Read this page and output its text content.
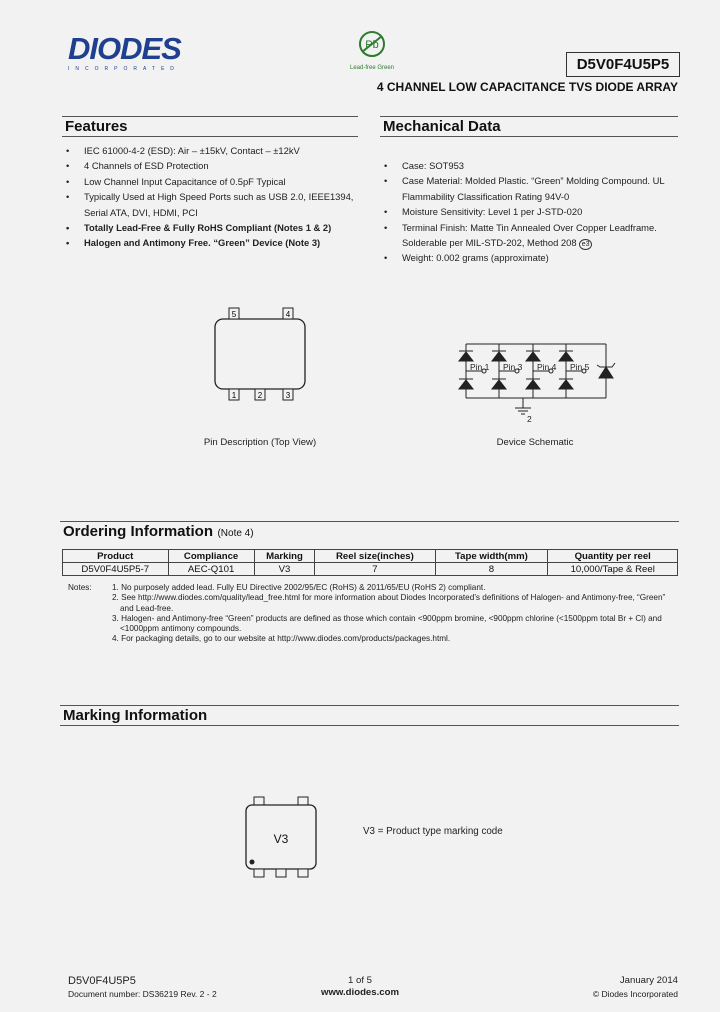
DIODES
INCORPORATED
Pb
Lead-free Green	D5V0F4U5P5
4 CHANNEL LOW CAPACITANCE TVS DIODE ARRAY
Features
• IEC 61000-4-2 (ESD): Air – ±15kV, Contact – ±12kV
• 4 Channels of ESD Protection
• Low Channel Input Capacitance of 0.5pF Typical
• Typically Used at High Speed Ports such as USB 2.0, IEEE1394, Serial ATA, DVI, HDMI, PCI
• Totally Lead-Free & Fully RoHS Compliant (Notes 1 & 2)
• Halogen and Antimony Free. “Green” Device (Note 3)
Mechanical Data
• Case: SOT953
• Case Material: Molded Plastic. “Green” Molding Compound. UL Flammability Classification Rating 94V-0
• Moisture Sensitivity: Level 1 per J-STD-020
• Terminal Finish: Matte Tin Annealed Over Copper Leadframe. Solderable per MIL-STD-202, Method 208 e3
• Weight: 0.002 grams (approximate)
5	4
1	2	3
Pin Description (Top View)
Pin 1 Pin 3 Pin 4 Pin 5
2
Device Schematic
Ordering Information (Note 4)
Product	Compliance	Marking	Reel size(inches)	Tape width(mm)	Quantity per reel
D5V0F4U5P5-7	AEC-Q101	V3	7	8	10,000/Tape & Reel
Notes:	1. No purposely added lead. Fully EU Directive 2002/95/EC (RoHS) & 2011/65/EU (RoHS 2) compliant.
2. See http://www.diodes.com/quality/lead_free.html for more information about Diodes Incorporated’s definitions of Halogen- and Antimony-free, “Green”
and Lead-free.
3. Halogen- and Antimony-free “Green” products are defined as those which contain <900ppm bromine, <900ppm chlorine (<1500ppm total Br + Cl) and
<1000ppm antimony compounds.
4. For packaging details, go to our website at http://www.diodes.com/products/packages.html.
Marking Information
V3
V3 = Product type marking code
D5V0F4U5P5
Document number: DS36219 Rev. 2 - 2
1 of 5
www.diodes.com
January 2014
© Diodes Incorporated
